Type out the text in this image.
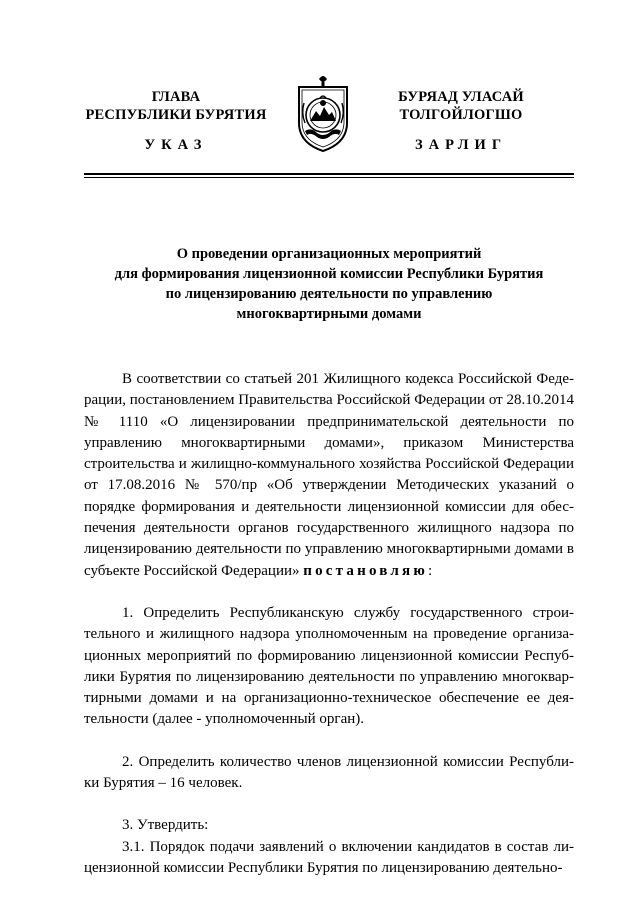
ГЛАВА
РЕСПУБЛИКИ БУРЯТИЯ
БУРЯАД УЛАСАЙ
ТОЛГОЙЛОГШО
УКАЗ	ЗАРЛИГ
О проведении организационных мероприятий
для формирования лицензионной комиссии Республики Бурятия
по лицензированию деятельности по управлению
многоквартирными домами

В соответствии со статьей 201 Жилищного кодекса Российской Федерации, постановлением Правительства Российской Федерации от 28.10.2014 № 1110 «О лицензировании предпринимательской деятельности по управлению многоквартирными домами», приказом Министерства строительства и жилищно-коммунального хозяйства Российской Федерации от 17.08.2016 № 570/пр «Об утверждении Методических указаний о порядке формирования и деятельности лицензионной комиссии для обеспечения деятельности органов государственного жилищного надзора по лицензированию деятельности по управлению многоквартирными домами в субъекте Российской Федерации» постановляю:

1. Определить Республиканскую службу государственного строительного и жилищного надзора уполномоченным на проведение организационных мероприятий по формированию лицензионной комиссии Республики Бурятия по лицензированию деятельности по управлению многоквартирными домами и на организационно-техническое обеспечение ее деятельности (далее - уполномоченный орган).

2. Определить количество членов лицензионной комиссии Республики Бурятия – 16 человек.

3. Утвердить:

3.1. Порядок подачи заявлений о включении кандидатов в состав лицензионной комиссии Республики Бурятия по лицензированию деятельно-
